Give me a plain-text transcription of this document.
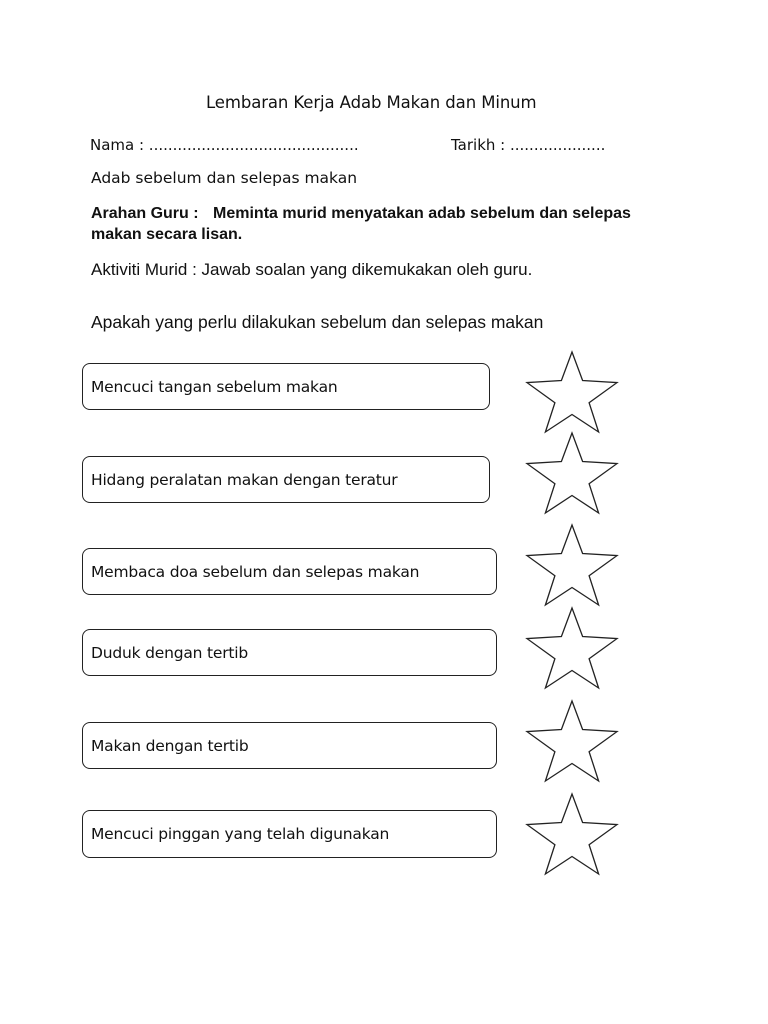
Lembaran Kerja Adab Makan dan Minum
Nama : ............................................	Tarikh : ....................
Adab sebelum dan selepas makan
Arahan Guru : Meminta murid menyatakan adab sebelum dan selepas makan secara lisan.
Aktiviti Murid : Jawab soalan yang dikemukakan oleh guru.
Apakah yang perlu dilakukan sebelum dan selepas makan
Mencuci tangan sebelum makan
Hidang peralatan makan dengan teratur
Membaca doa sebelum dan selepas makan
Duduk dengan tertib
Makan dengan tertib
Mencuci pinggan yang telah digunakan
